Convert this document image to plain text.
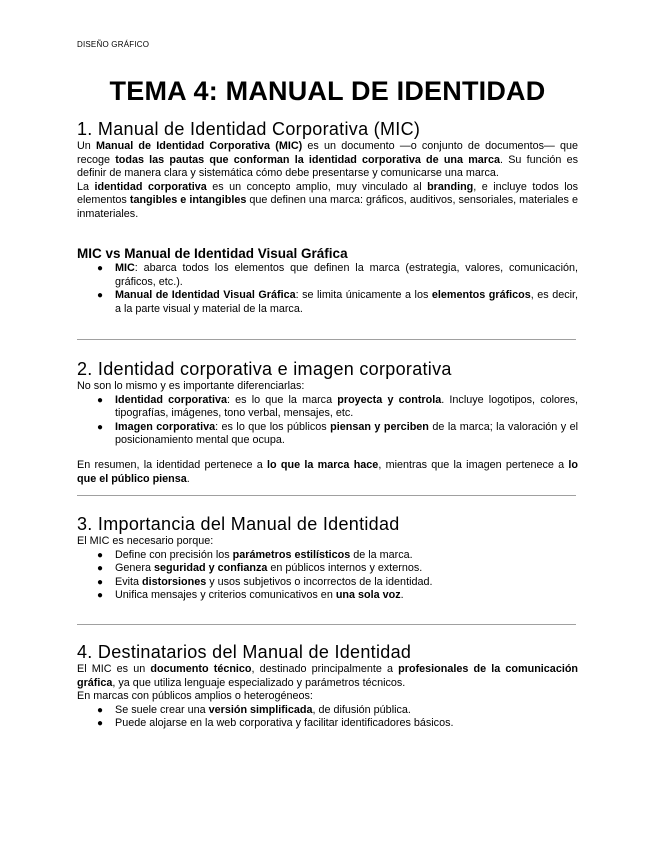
DISEÑO GRÁFICO
TEMA 4: MANUAL DE IDENTIDAD
1. Manual de Identidad Corporativa (MIC)

Un Manual de Identidad Corporativa (MIC) es un documento —o conjunto de documentos— que recoge todas las pautas que conforman la identidad corporativa de una marca. Su función es definir de manera clara y sistemática cómo debe presentarse y comunicarse una marca.

La identidad corporativa es un concepto amplio, muy vinculado al branding, e incluye todos los elementos tangibles e intangibles que definen una marca: gráficos, auditivos, sensoriales, materiales e inmateriales.

MIC vs Manual de Identidad Visual Gráfica
● MIC: abarca todos los elementos que definen la marca (estrategia, valores, comunicación, gráficos, etc.).
● Manual de Identidad Visual Gráfica: se limita únicamente a los elementos gráficos, es decir, a la parte visual y material de la marca.
2. Identidad corporativa e imagen corporativa

No son lo mismo y es importante diferenciarlas:

● Identidad corporativa: es lo que la marca proyecta y controla. Incluye logotipos, colores, tipografías, imágenes, tono verbal, mensajes, etc.
● Imagen corporativa: es lo que los públicos piensan y perciben de la marca; la valoración y el posicionamiento mental que ocupa.

En resumen, la identidad pertenece a lo que la marca hace, mientras que la imagen pertenece a lo que el público piensa.

3. Importancia del Manual de Identidad

El MIC es necesario porque:

● Define con precisión los parámetros estilísticos de la marca.
● Genera seguridad y confianza en públicos internos y externos.
● Evita distorsiones y usos subjetivos o incorrectos de la identidad.
● Unifica mensajes y criterios comunicativos en una sola voz.
4. Destinatarios del Manual de Identidad

El MIC es un documento técnico, destinado principalmente a profesionales de la comunicación gráfica, ya que utiliza lenguaje especializado y parámetros técnicos.

En marcas con públicos amplios o heterogéneos:

● Se suele crear una versión simplificada, de difusión pública.
● Puede alojarse en la web corporativa y facilitar identificadores básicos.
